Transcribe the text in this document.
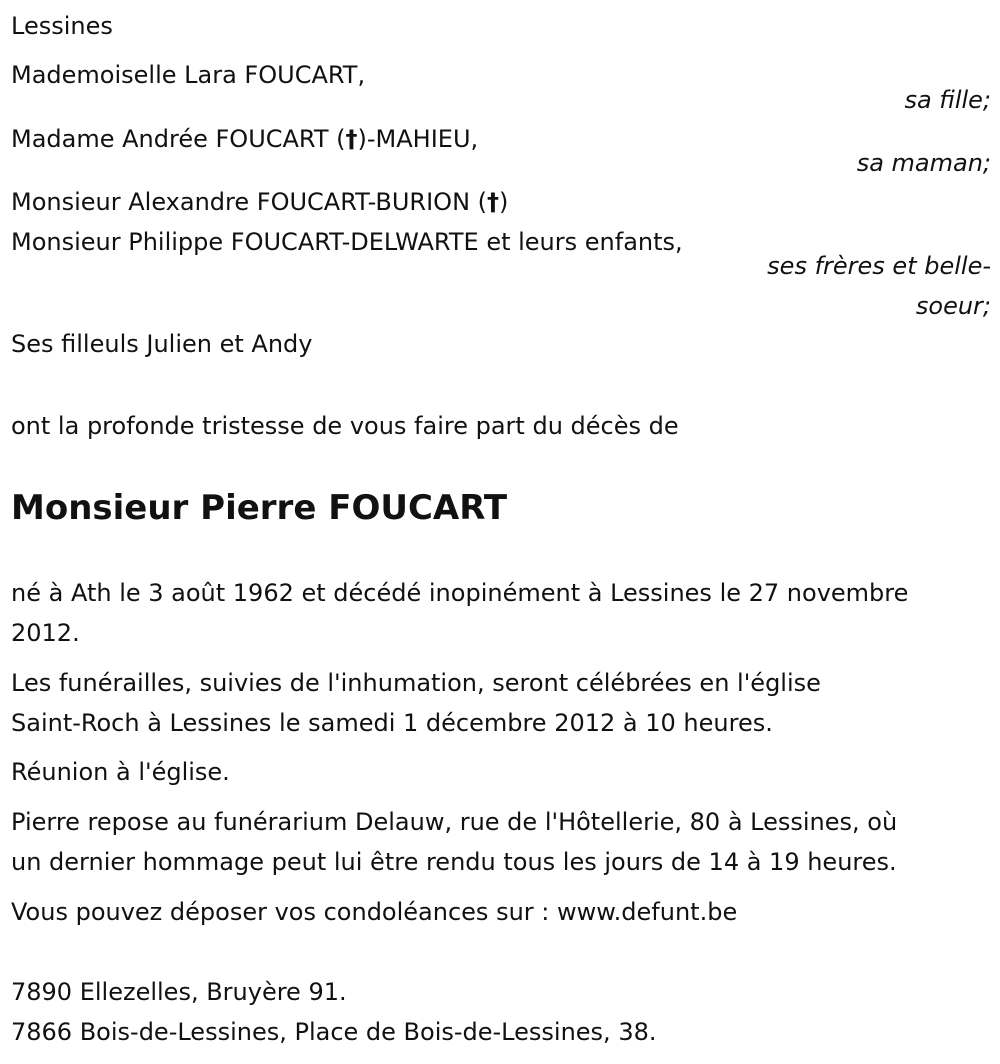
Lessines
Mademoiselle Lara FOUCART,
sa fille;
Madame Andrée FOUCART (†)-MAHIEU,
sa maman;
Monsieur Alexandre FOUCART-BURION (†)
Monsieur Philippe FOUCART-DELWARTE et leurs enfants,
ses frères et belle-
soeur;
Ses filleuls Julien et Andy
ont la profonde tristesse de vous faire part du décès de
Monsieur Pierre FOUCART
né à Ath le 3 août 1962 et décédé inopinément à Lessines le 27 novembre
2012.
Les funérailles, suivies de l'inhumation, seront célébrées en l'église
Saint-Roch à Lessines le samedi 1 décembre 2012 à 10 heures.
Réunion à l'église.
Pierre repose au funérarium Delauw, rue de l'Hôtellerie, 80 à Lessines, où
un dernier hommage peut lui être rendu tous les jours de 14 à 19 heures.
Vous pouvez déposer vos condoléances sur : www.defunt.be
7890 Ellezelles, Bruyère 91.
7866 Bois-de-Lessines, Place de Bois-de-Lessines, 38.
